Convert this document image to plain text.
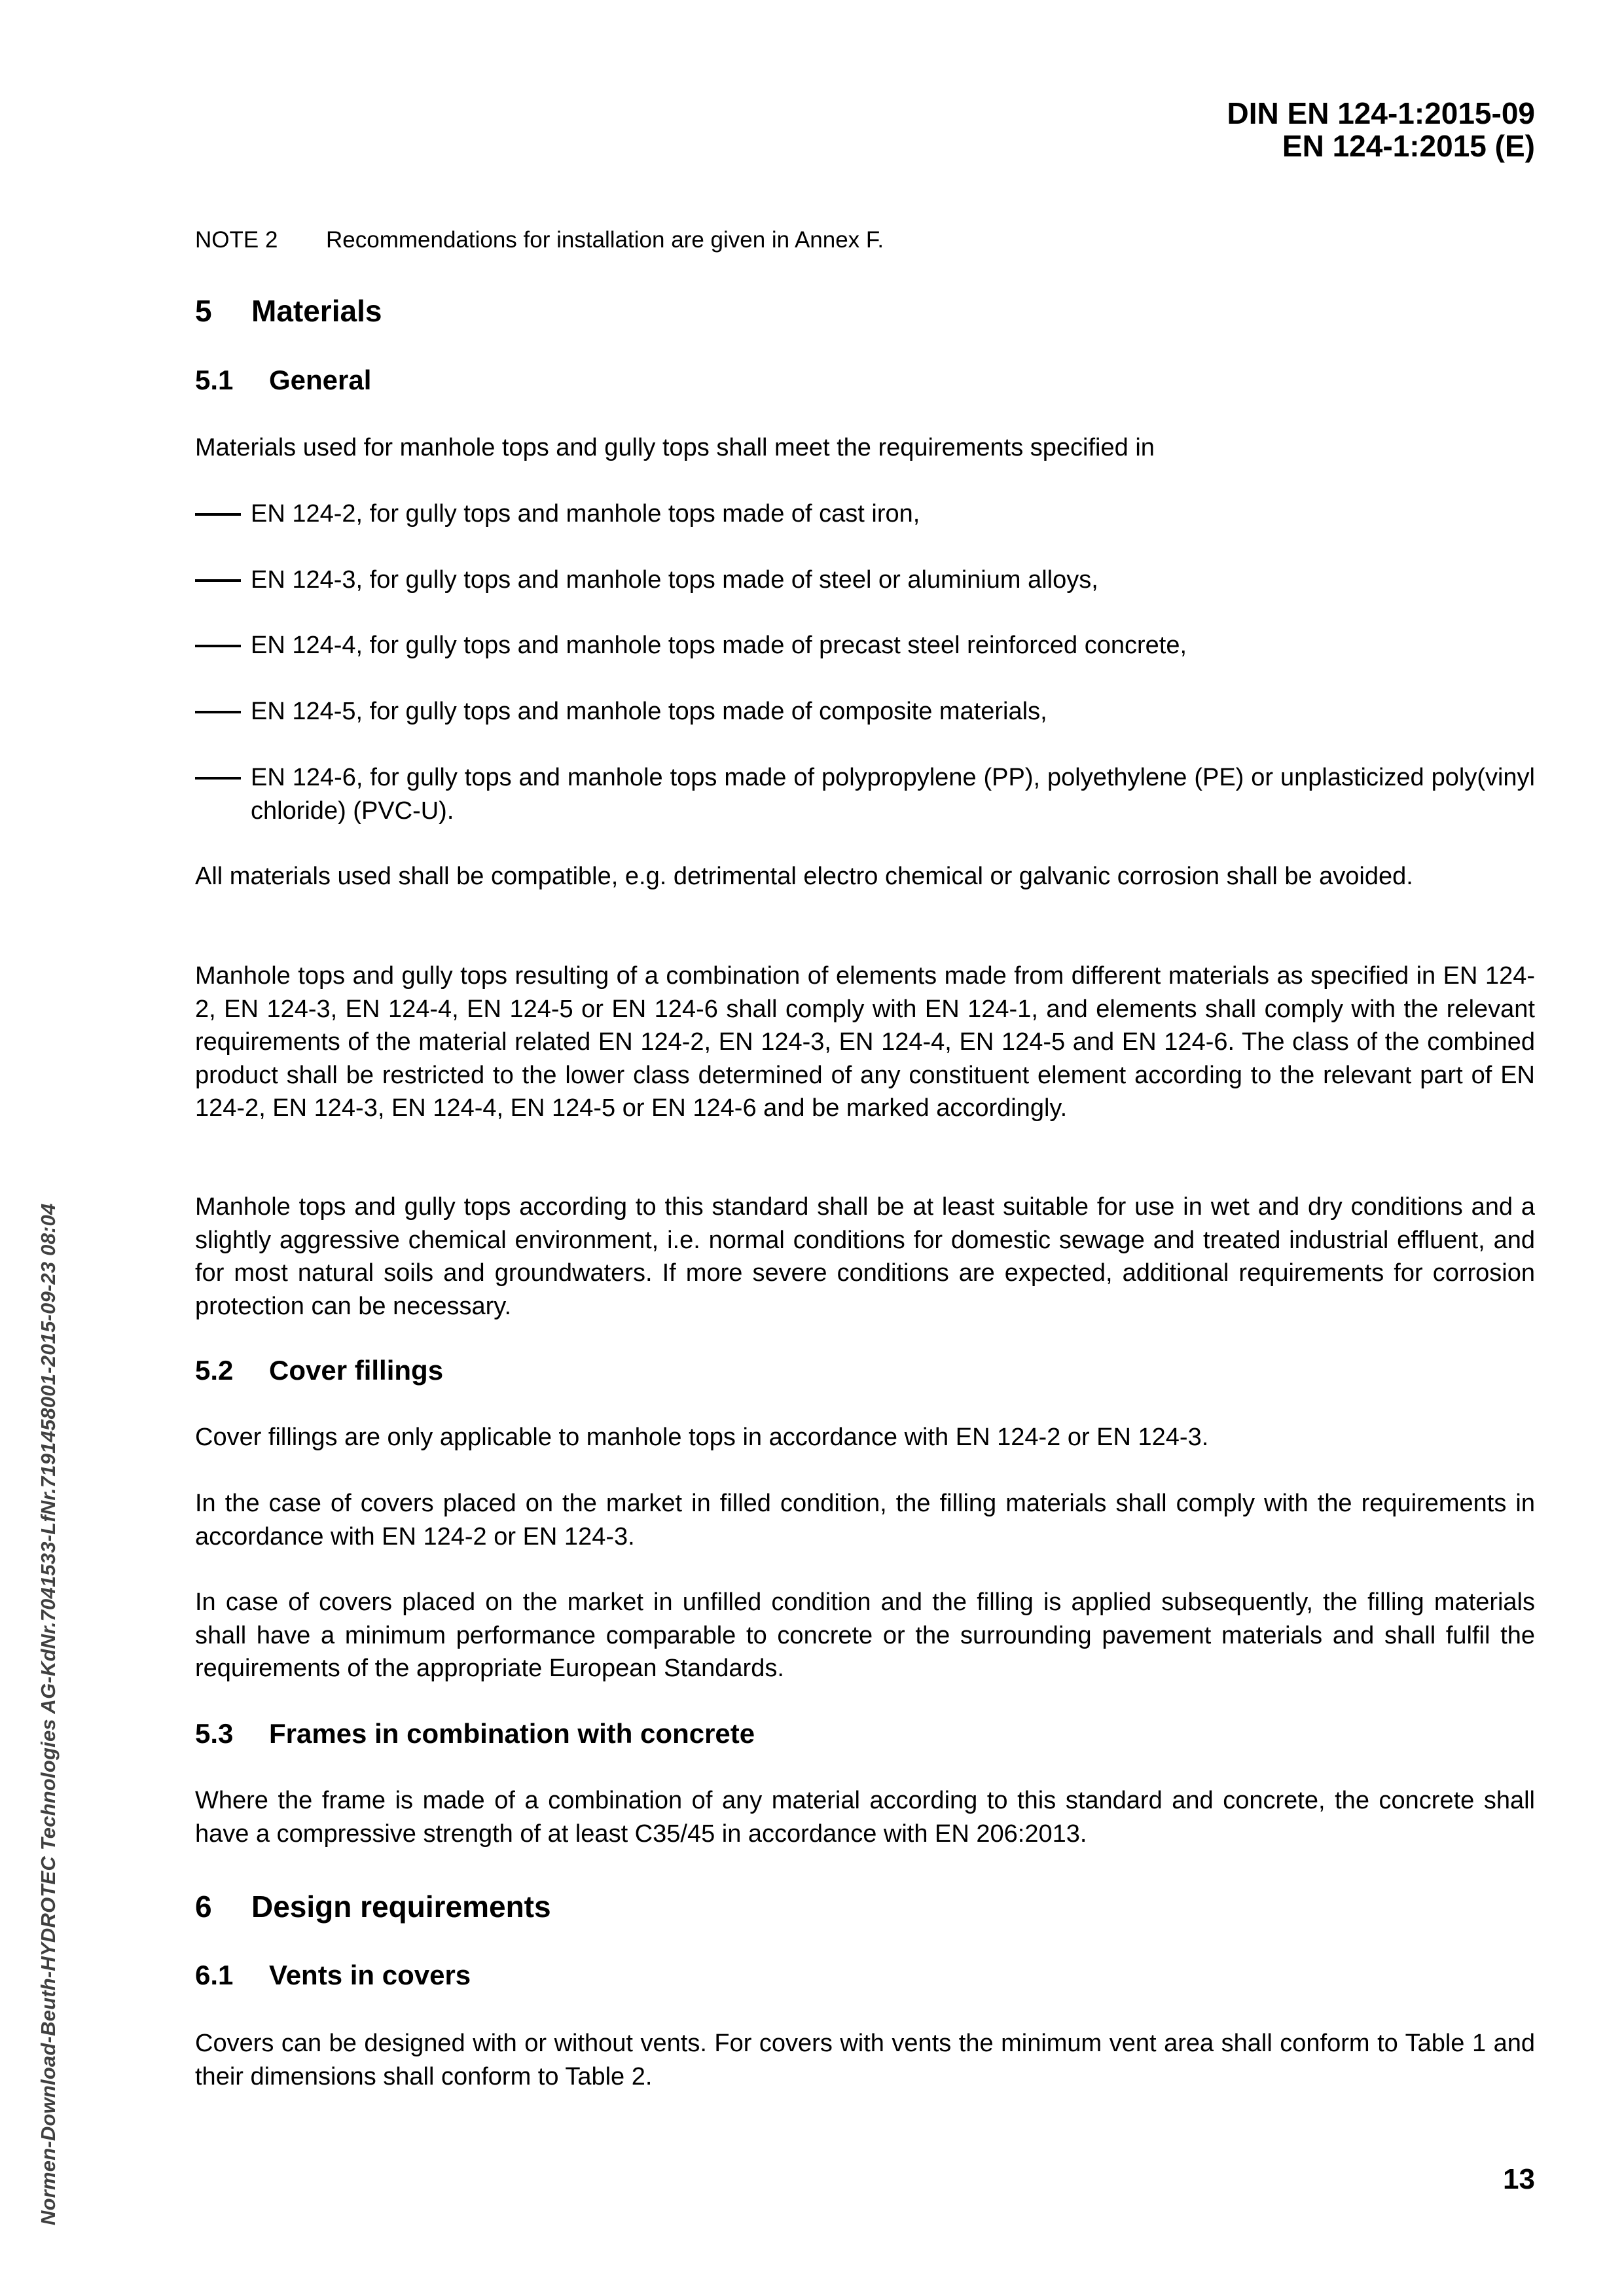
DIN EN 124-1:2015-09
EN 124-1:2015 (E)
NOTE 2 Recommendations for installation are given in Annex F.
5 Materials
5.1 General
Materials used for manhole tops and gully tops shall meet the requirements specified in
EN 124-2, for gully tops and manhole tops made of cast iron,
EN 124-3, for gully tops and manhole tops made of steel or aluminium alloys,
EN 124-4, for gully tops and manhole tops made of precast steel reinforced concrete,
EN 124-5, for gully tops and manhole tops made of composite materials,
EN 124-6, for gully tops and manhole tops made of polypropylene (PP), polyethylene (PE) or unplasticized poly(vinyl chloride) (PVC-U).
All materials used shall be compatible, e.g. detrimental electro chemical or galvanic corrosion shall be avoided.
Manhole tops and gully tops resulting of a combination of elements made from different materials as specified in EN 124-2, EN 124-3, EN 124-4, EN 124-5 or EN 124-6 shall comply with EN 124-1, and elements shall comply with the relevant requirements of the material related EN 124-2, EN 124-3, EN 124-4, EN 124-5 and EN 124-6. The class of the combined product shall be restricted to the lower class determined of any constituent element according to the relevant part of EN 124-2, EN 124-3, EN 124-4, EN 124-5 or EN 124-6 and be marked accordingly.
Manhole tops and gully tops according to this standard shall be at least suitable for use in wet and dry conditions and a slightly aggressive chemical environment, i.e. normal conditions for domestic sewage and treated industrial effluent, and for most natural soils and groundwaters. If more severe conditions are expected, additional requirements for corrosion protection can be necessary.
5.2 Cover fillings
Cover fillings are only applicable to manhole tops in accordance with EN 124-2 or EN 124-3.
In the case of covers placed on the market in filled condition, the filling materials shall comply with the requirements in accordance with EN 124-2 or EN 124-3.
In case of covers placed on the market in unfilled condition and the filling is applied subsequently, the filling materials shall have a minimum performance comparable to concrete or the surrounding pavement materials and shall fulfil the requirements of the appropriate European Standards.
5.3 Frames in combination with concrete
Where the frame is made of a combination of any material according to this standard and concrete, the concrete shall have a compressive strength of at least C35/45 in accordance with EN 206:2013.
6 Design requirements
6.1 Vents in covers
Covers can be designed with or without vents. For covers with vents the minimum vent area shall conform to Table 1 and their dimensions shall conform to Table 2.
Normen-Download-Beuth-HYDROTEC Technologies AG-KdNr.7041533-LfNr.7191458001-2015-09-23 08:04	13
